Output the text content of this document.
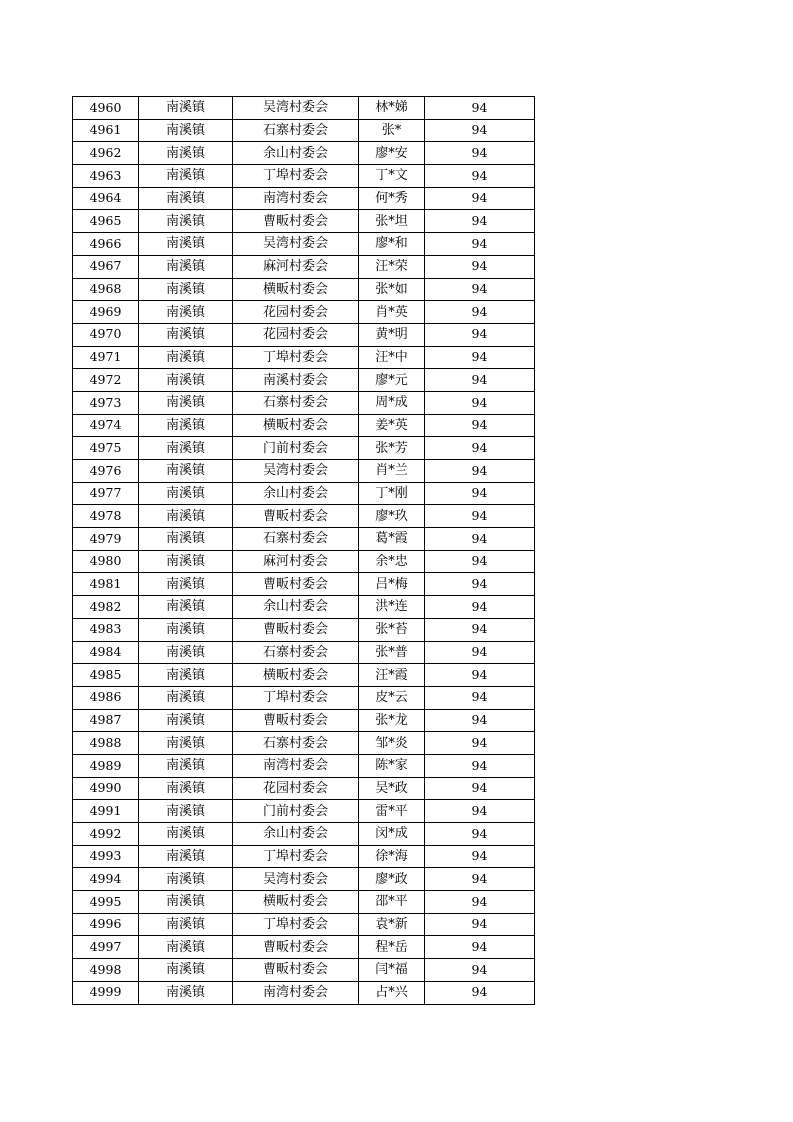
4960	南溪镇	吴湾村委会	林*娣	94
4961	南溪镇	石寨村委会	张*	94
4962	南溪镇	余山村委会	廖*安	94
4963	南溪镇	丁埠村委会	丁*文	94
4964	南溪镇	南湾村委会	何*秀	94
4965	南溪镇	曹畈村委会	张*坦	94
4966	南溪镇	吴湾村委会	廖*和	94
4967	南溪镇	麻河村委会	汪*荣	94
4968	南溪镇	横畈村委会	张*如	94
4969	南溪镇	花园村委会	肖*英	94
4970	南溪镇	花园村委会	黄*明	94
4971	南溪镇	丁埠村委会	汪*中	94
4972	南溪镇	南溪村委会	廖*元	94
4973	南溪镇	石寨村委会	周*成	94
4974	南溪镇	横畈村委会	姜*英	94
4975	南溪镇	门前村委会	张*芳	94
4976	南溪镇	吴湾村委会	肖*兰	94
4977	南溪镇	余山村委会	丁*刚	94
4978	南溪镇	曹畈村委会	廖*玖	94
4979	南溪镇	石寨村委会	葛*霞	94
4980	南溪镇	麻河村委会	余*忠	94
4981	南溪镇	曹畈村委会	吕*梅	94
4982	南溪镇	余山村委会	洪*连	94
4983	南溪镇	曹畈村委会	张*苔	94
4984	南溪镇	石寨村委会	张*普	94
4985	南溪镇	横畈村委会	汪*霞	94
4986	南溪镇	丁埠村委会	皮*云	94
4987	南溪镇	曹畈村委会	张*龙	94
4988	南溪镇	石寨村委会	邹*炎	94
4989	南溪镇	南湾村委会	陈*家	94
4990	南溪镇	花园村委会	吴*政	94
4991	南溪镇	门前村委会	雷*平	94
4992	南溪镇	余山村委会	闵*成	94
4993	南溪镇	丁埠村委会	徐*海	94
4994	南溪镇	吴湾村委会	廖*政	94
4995	南溪镇	横畈村委会	邵*平	94
4996	南溪镇	丁埠村委会	袁*新	94
4997	南溪镇	曹畈村委会	程*岳	94
4998	南溪镇	曹畈村委会	闫*福	94
4999	南溪镇	南湾村委会	占*兴	94
